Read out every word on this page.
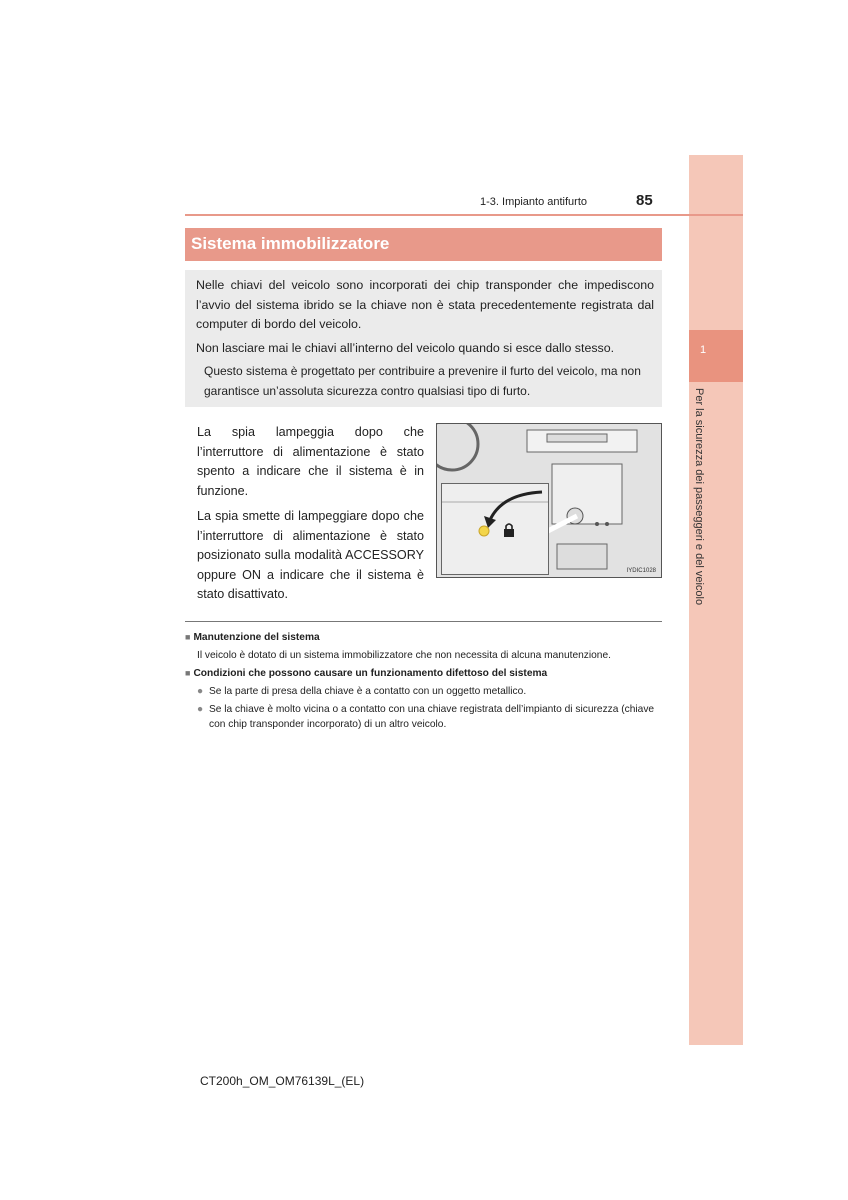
1
Per la sicurezza dei passeggeri e del veicolo
1-3. Impianto antifurto	85
Sistema immobilizzatore

Nelle chiavi del veicolo sono incorporati dei chip transponder che impediscono l’avvio del sistema ibrido se la chiave non è stata precedentemente registrata dal computer di bordo del veicolo.

Non lasciare mai le chiavi all’interno del veicolo quando si esce dallo stesso.

Questo sistema è progettato per contribuire a prevenire il furto del veicolo, ma non garantisce un’assoluta sicurezza contro qualsiasi tipo di furto.

La spia lampeggia dopo che l’interruttore di alimentazione è stato spento a indicare che il sistema è in funzione.

La spia smette di lampeggiare dopo che l’interruttore di alimentazione è stato posizionato sulla modalità ACCESSORY oppure ON a indicare che il sistema è stato disattivato.

IYDIC1028
■ Manutenzione del sistema
Il veicolo è dotato di un sistema immobilizzatore che non necessita di alcuna manutenzione.
■ Condizioni che possono causare un funzionamento difettoso del sistema
● Se la parte di presa della chiave è a contatto con un oggetto metallico.
● Se la chiave è molto vicina o a contatto con una chiave registrata dell’impianto di sicurezza (chiave con chip transponder incorporato) di un altro veicolo.
CT200h_OM_OM76139L_(EL)
